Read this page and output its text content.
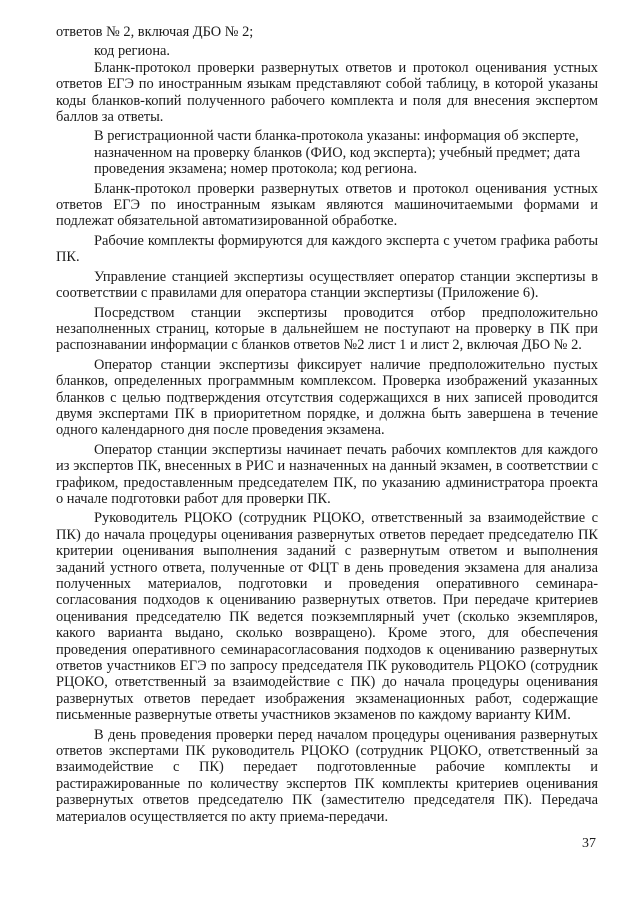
ответов № 2, включая ДБО № 2;

код региона.

Бланк-протокол проверки развернутых ответов и протокол оценивания устных ответов ЕГЭ по иностранным языкам представляют собой таблицу, в которой указаны коды бланков-копий полученного рабочего комплекта и поля для внесения экспертом баллов за ответы.

В регистрационной части бланка-протокола указаны: информация об эксперте, назначенном на проверку бланков (ФИО, код эксперта); учебный предмет; дата проведения экзамена; номер протокола; код региона.

Бланк-протокол проверки развернутых ответов и протокол оценивания устных ответов ЕГЭ по иностранным языкам являются машиночитаемыми формами и подлежат обязательной автоматизированной обработке.

Рабочие комплекты формируются для каждого эксперта с учетом графика работы ПК.

Управление станцией экспертизы осуществляет оператор станции экспертизы в соответствии с правилами для оператора станции экспертизы (Приложение 6).

Посредством станции экспертизы проводится отбор предположительно незаполненных страниц, которые в дальнейшем не поступают на проверку в ПК при распознавании информации с бланков ответов №2 лист 1 и лист 2, включая ДБО № 2.

Оператор станции экспертизы фиксирует наличие предположительно пустых бланков, определенных программным комплексом. Проверка изображений указанных бланков с целью подтверждения отсутствия содержащихся в них записей проводится двумя экспертами ПК в приоритетном порядке, и должна быть завершена в течение одного календарного дня после проведения экзамена.

Оператор станции экспертизы начинает печать рабочих комплектов для каждого из экспертов ПК, внесенных в РИС и назначенных на данный экзамен, в соответствии с графиком, предоставленным председателем ПК, по указанию администратора проекта о начале подготовки работ для проверки ПК.

Руководитель РЦОКО (сотрудник РЦОКО, ответственный за взаимодействие с ПК) до начала процедуры оценивания развернутых ответов передает председателю ПК критерии оценивания выполнения заданий с развернутым ответом и выполнения заданий устного ответа, полученные от ФЦТ в день проведения экзамена для анализа полученных материалов, подготовки и проведения оперативного семинара-согласования подходов к оцениванию развернутых ответов. При передаче критериев оценивания председателю ПК ведется поэкземплярный учет (сколько экземпляров, какого варианта выдано, сколько возвращено). Кроме этого, для обеспечения проведения оперативного семинарасогласования подходов к оцениванию развернутых ответов участников ЕГЭ по запросу председателя ПК руководитель РЦОКО (сотрудник РЦОКО, ответственный за взаимодействие с ПК) до начала процедуры оценивания развернутых ответов передает изображения экзаменационных работ, содержащие письменные развернутые ответы участников экзаменов по каждому варианту КИМ.

В день проведения проверки перед началом процедуры оценивания развернутых ответов экспертами ПК руководитель РЦОКО (сотрудник РЦОКО, ответственный за взаимодействие с ПК) передает подготовленные рабочие комплекты и растиражированные по количеству экспертов ПК комплекты критериев оценивания развернутых ответов председателю ПК (заместителю председателя ПК). Передача материалов осуществляется по акту приема-передачи.

37
